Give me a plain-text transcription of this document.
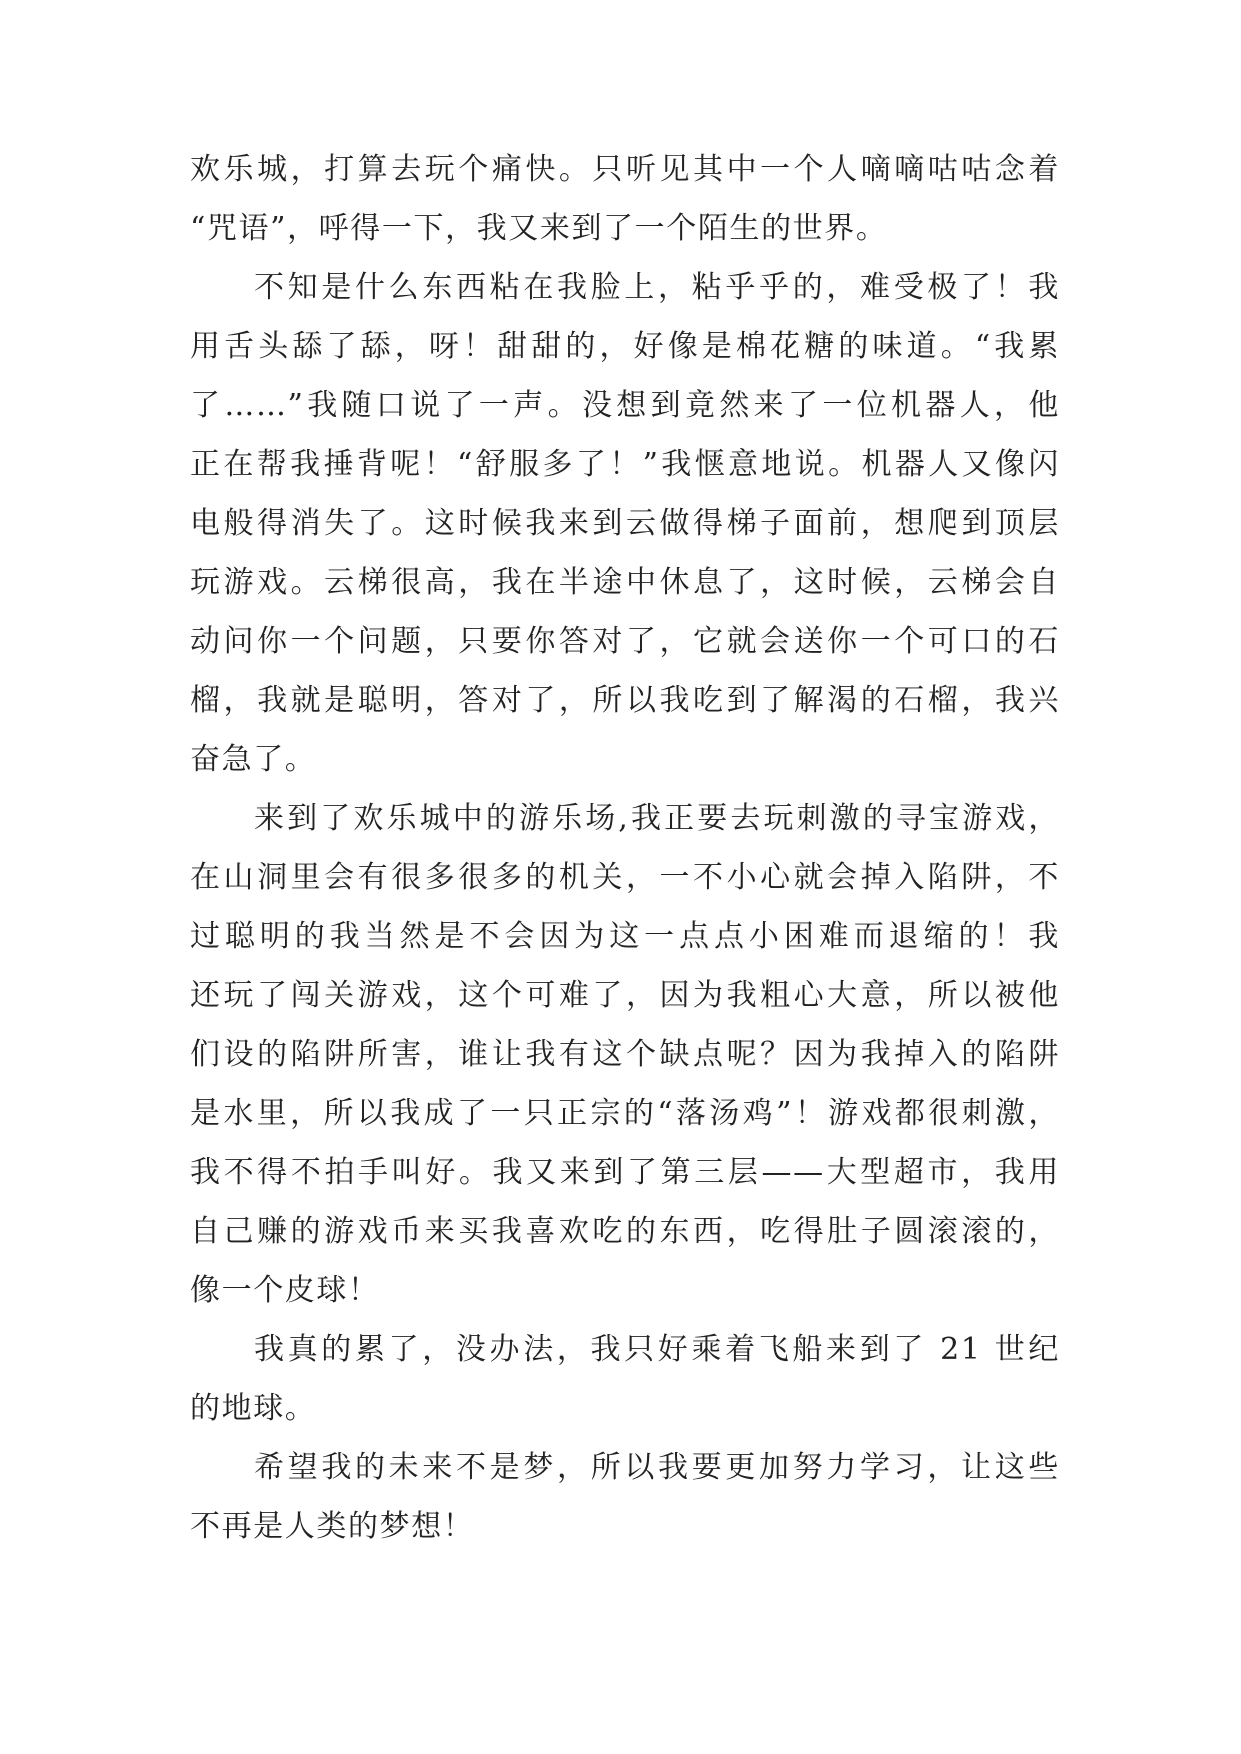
欢乐城，打算去玩个痛快。只听见其中一个人嘀嘀咕咕念着
“咒语”，呼得一下，我又来到了一个陌生的世界。
不知是什么东西粘在我脸上，粘乎乎的，难受极了！我
用舌头舔了舔，呀！甜甜的，好像是棉花糖的味道。“我累
了……”我随口说了一声。没想到竟然来了一位机器人，他
正在帮我捶背呢！“舒服多了！”我惬意地说。机器人又像闪
电般得消失了。这时候我来到云做得梯子面前，想爬到顶层
玩游戏。云梯很高，我在半途中休息了，这时候，云梯会自
动问你一个问题，只要你答对了，它就会送你一个可口的石
榴，我就是聪明，答对了，所以我吃到了解渴的石榴，我兴
奋急了。
来到了欢乐城中的游乐场,我正要去玩刺激的寻宝游戏，
在山洞里会有很多很多的机关，一不小心就会掉入陷阱，不
过聪明的我当然是不会因为这一点点小困难而退缩的！我
还玩了闯关游戏，这个可难了，因为我粗心大意，所以被他
们设的陷阱所害，谁让我有这个缺点呢？因为我掉入的陷阱
是水里，所以我成了一只正宗的“落汤鸡”！游戏都很刺激，
我不得不拍手叫好。我又来到了第三层——大型超市，我用
自己赚的游戏币来买我喜欢吃的东西，吃得肚子圆滚滚的，
像一个皮球！
我真的累了，没办法，我只好乘着飞船来到了 21 世纪
的地球。
希望我的未来不是梦，所以我要更加努力学习，让这些
不再是人类的梦想！
